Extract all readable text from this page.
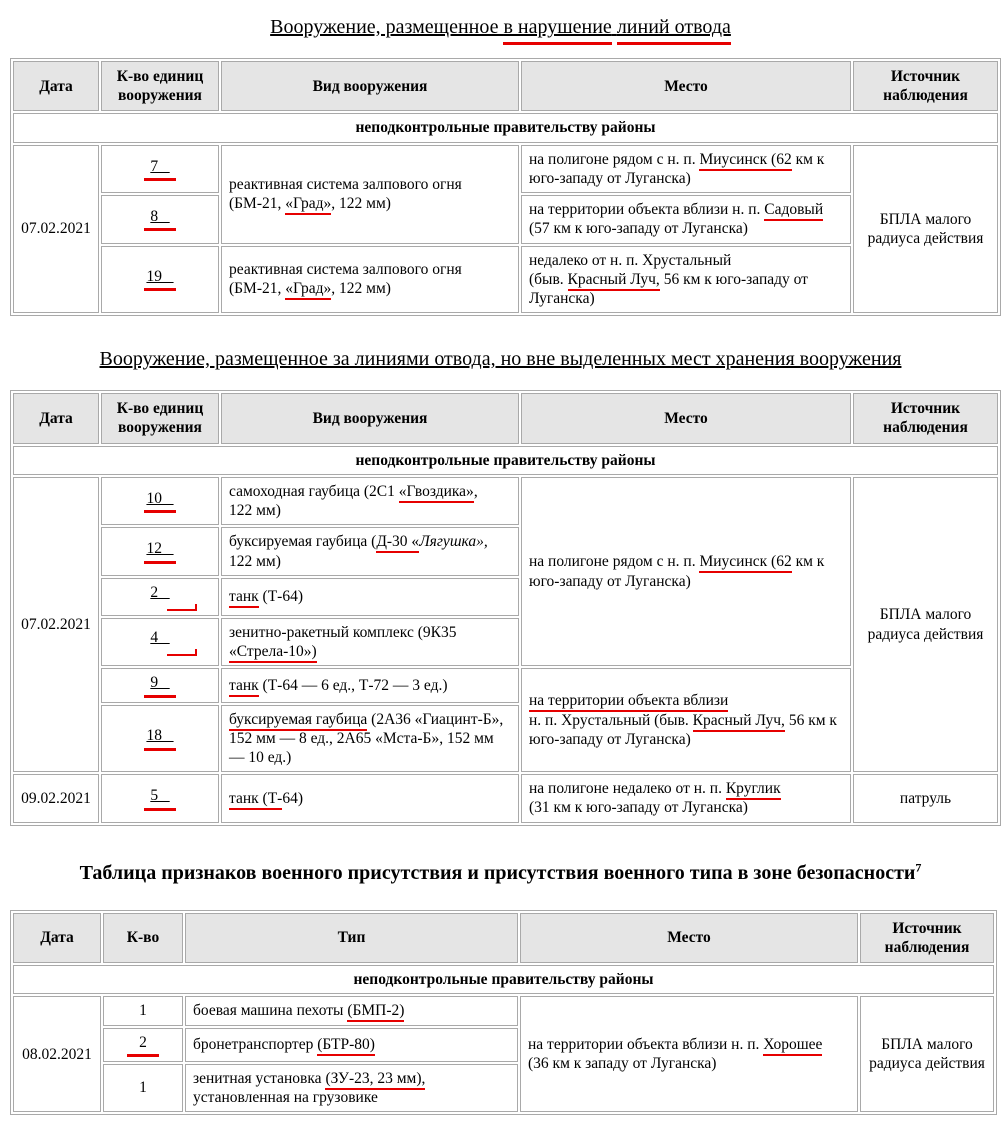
Вооружение, размещенное в нарушение линий отвода
Дата	К-во единиц вооружения	Вид вооружения	Место	Источник наблюдения
неподконтрольные правительству районы				
07.02.2021	7	реактивная система залпового огня (БМ-21, «Град», 122 мм)	на полигоне рядом с н. п. Миусинск (62 км к юго-западу от Луганска)	БПЛА малого радиуса действия
	8		на территории объекта вблизи н. п. Садовый (57 км к юго-западу от Луганска)	
	19	реактивная система залпового огня (БМ-21, «Град», 122 мм)	недалеко от н. п. Хрустальный
(быв. Красный Луч, 56 км к юго-западу от Луганска)	
Вооружение, размещенное за линиями отвода, но вне выделенных мест хранения вооружения
Дата	К-во единиц вооружения	Вид вооружения	Место	Источник наблюдения
неподконтрольные правительству районы				
07.02.2021	10	самоходная гаубица (2С1 «Гвоздика»,
122 мм)	на полигоне рядом с н. п. Миусинск (62 км к юго-западу от Луганска)	БПЛА малого радиуса действия
	12	буксируемая гаубица (Д-30 «Лягушка»,
122 мм)		
	2	танк (Т-64)		
	4	зенитно-ракетный комплекс (9К35
«Стрела-10»)		
	9	танк (Т-64 — 6 ед., Т-72 — 3 ед.)	на территории объекта вблизи
н. п. Хрустальный (быв. Красный Луч, 56 км к юго-западу от Луганска)	
	18	буксируемая гаубица (2А36 «Гиацинт-Б», 152 мм — 8 ед., 2А65 «Мста-Б», 152 мм — 10 ед.)		
09.02.2021	5	танк (Т-64)	на полигоне недалеко от н. п. Круглик
(31 км к юго-западу от Луганска)	патруль
Таблица признаков военного присутствия и присутствия военного типа в зоне безопасности$^7$
Дата	К-во	Тип	Место	Источник наблюдения
неподконтрольные правительству районы				
08.02.2021	1	боевая машина пехоты (БМП-2)	на территории объекта вблизи н. п. Хорошее
(36 км к западу от Луганска)	БПЛА малого радиуса действия
	2	бронетранспортер (БТР-80)		
	1	зенитная установка (ЗУ-23, 23 мм),
установленная на грузовике		
